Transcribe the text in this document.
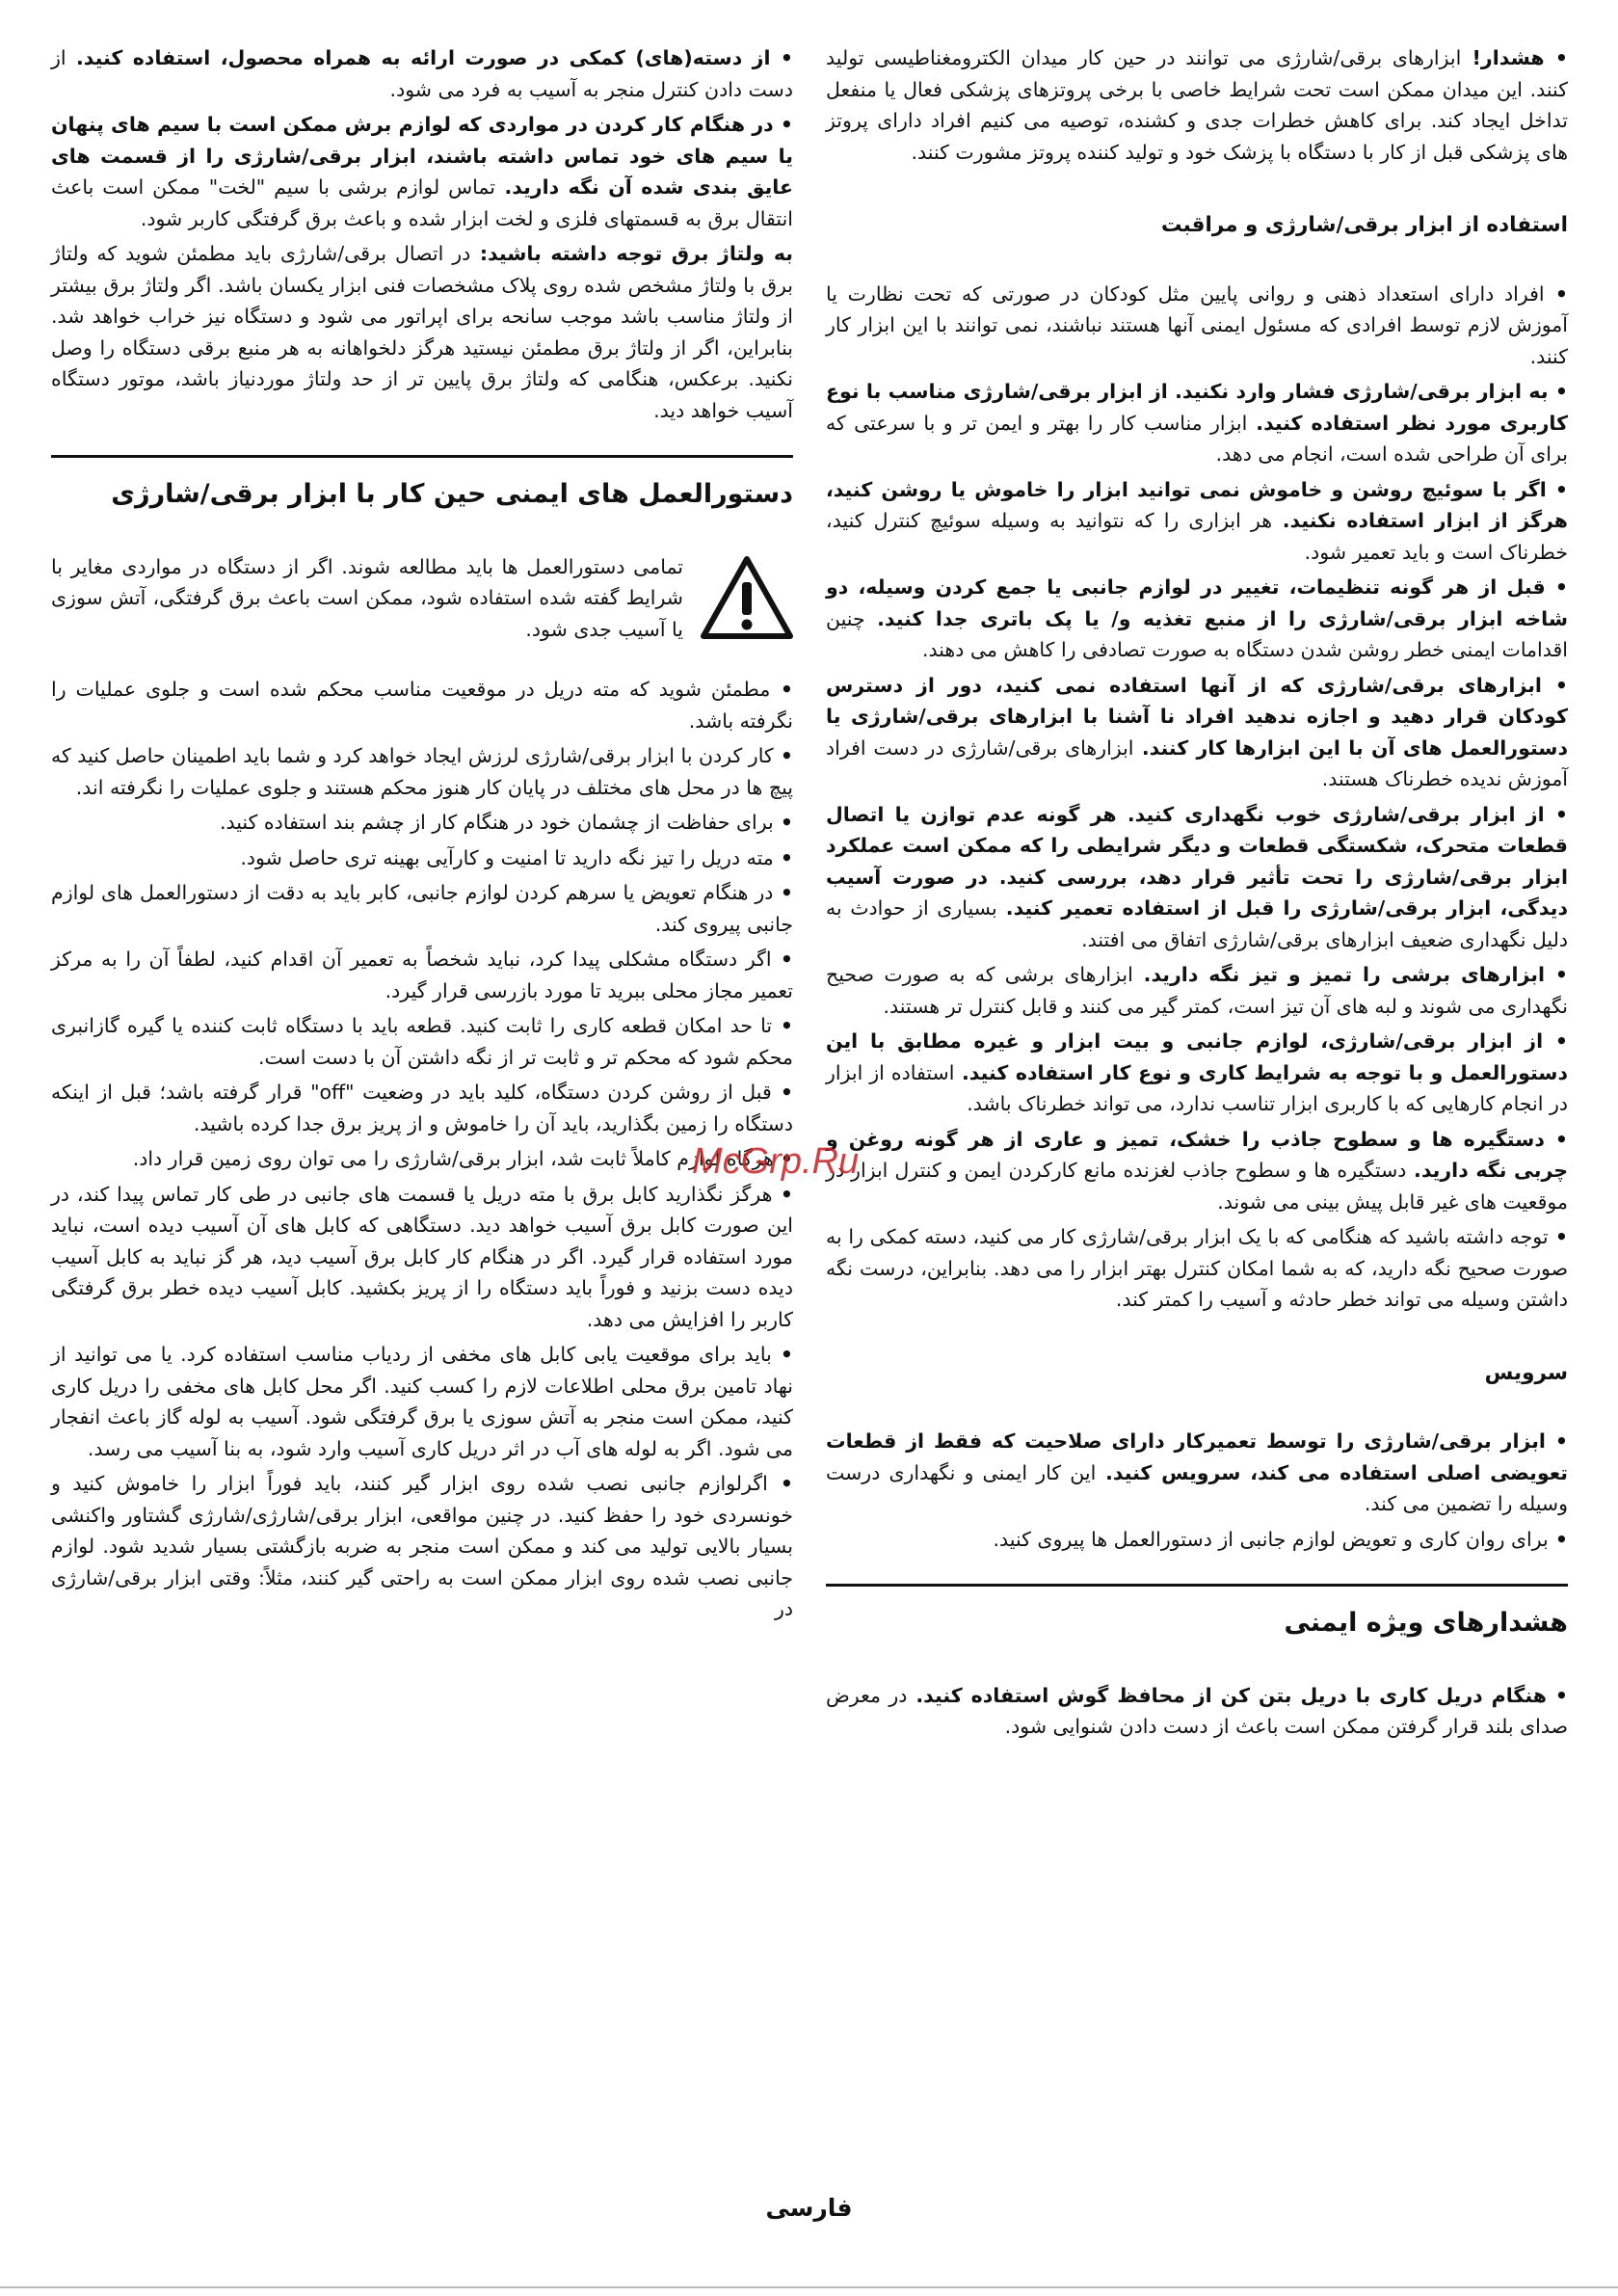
• هشدار! ابزارهای برقی/شارژی می توانند در حین کار میدان الکترومغناطیسی تولید کنند. این میدان ممکن است تحت شرایط خاصی با برخی پروتزهای پزشکی فعال یا منفعل تداخل ایجاد کند. برای کاهش خطرات جدی و کشنده، توصیه می کنیم افراد دارای پروتز های پزشکی قبل از کار با دستگاه با پزشک خود و تولید کننده پروتز مشورت کنند.

استفاده از ابزار برقی/شارژی و مراقبت

• افراد دارای استعداد ذهنی و روانی پایین مثل کودکان در صورتی که تحت نظارت یا آموزش لازم توسط افرادی که مسئول ایمنی آنها هستند نباشند، نمی توانند با این ابزار کار کنند.

• به ابزار برقی/شارژی فشار وارد نکنید. از ابزار برقی/شارژی مناسب با نوع کاربری مورد نظر استفاده کنید. ابزار مناسب کار را بهتر و ایمن تر و با سرعتی که برای آن طراحی شده است، انجام می دهد.

• اگر با سوئیچ روشن و خاموش نمی توانید ابزار را خاموش یا روشن کنید، هرگز از ابزار استفاده نکنید. هر ابزاری را که نتوانید به وسیله سوئیچ کنترل کنید، خطرناک است و باید تعمیر شود.

• قبل از هر گونه تنظیمات، تغییر در لوازم جانبی یا جمع کردن وسیله، دو شاخه ابزار برقی/شارژی را از منبع تغذیه و/ یا پک باتری جدا کنید. چنین اقدامات ایمنی خطر روشن شدن دستگاه به صورت تصادفی را کاهش می دهند.

• ابزارهای برقی/شارژی که از آنها استفاده نمی کنید، دور از دسترس کودکان قرار دهید و اجازه ندهید افراد نا آشنا با ابزارهای برقی/شارژی یا دستورالعمل های آن با این ابزارها کار کنند. ابزارهای برقی/شارژی در دست افراد آموزش ندیده خطرناک هستند.

• از ابزار برقی/شارژی خوب نگهداری کنید. هر گونه عدم توازن یا اتصال قطعات متحرک، شکستگی قطعات و دیگر شرایطی را که ممکن است عملکرد ابزار برقی/شارژی را تحت تأثیر قرار دهد، بررسی کنید. در صورت آسیب دیدگی، ابزار برقی/شارژی را قبل از استفاده تعمیر کنید. بسیاری از حوادث به دلیل نگهداری ضعیف ابزارهای برقی/شارژی اتفاق می افتند.

• ابزارهای برشی را تمیز و تیز نگه دارید. ابزارهای برشی که به صورت صحیح نگهداری می شوند و لبه های آن تیز است، کمتر گیر می کنند و قابل کنترل تر هستند.

• از ابزار برقی/شارژی، لوازم جانبی و بیت ابزار و غیره مطابق با این دستورالعمل و با توجه به شرایط کاری و نوع کار استفاده کنید. استفاده از ابزار در انجام کارهایی که با کاربری ابزار تناسب ندارد، می تواند خطرناک باشد.

• دستگیره ها و سطوح جاذب را خشک، تمیز و عاری از هر گونه روغن و چربی نگه دارید. دستگیره ها و سطوح جاذب لغزنده مانع کارکردن ایمن و کنترل ابزار در موقعیت های غیر قابل پیش بینی می شوند.

• توجه داشته باشید که هنگامی که با یک ابزار برقی/شارژی کار می کنید، دسته کمکی را به صورت صحیح نگه دارید، که به شما امکان کنترل بهتر ابزار را می دهد. بنابراین، درست نگه داشتن وسیله می تواند خطر حادثه و آسیب را کمتر کند.

سرویس

• ابزار برقی/شارژی را توسط تعمیرکار دارای صلاحیت که فقط از قطعات تعویضی اصلی استفاده می کند، سرویس کنید. این کار ایمنی و نگهداری درست وسیله را تضمین می کند.

• برای روان کاری و تعویض لوازم جانبی از دستورالعمل ها پیروی کنید.

هشدارهای ویژه ایمنی

• هنگام دریل کاری با دریل بتن کن از محافظ گوش استفاده کنید. در معرض صدای بلند قرار گرفتن ممکن است باعث از دست دادن شنوایی شود.

• از دسته(های) کمکی در صورت ارائه به همراه محصول، استفاده کنید. از دست دادن کنترل منجر به آسیب به فرد می شود.

• در هنگام کار کردن در مواردی که لوازم برش ممکن است با سیم های پنهان یا سیم های خود تماس داشته باشند، ابزار برقی/شارژی را از قسمت های عایق بندی شده آن نگه دارید. تماس لوازم برشی با سیم "لخت" ممکن است باعث انتقال برق به قسمتهای فلزی و لخت ابزار شده و باعث برق گرفتگی کاربر شود.

به ولتاژ برق توجه داشته باشید: در اتصال برقی/شارژی باید مطمئن شوید که ولتاژ برق با ولتاژ مشخص شده روی پلاک مشخصات فنی ابزار یکسان باشد. اگر ولتاژ برق بیشتر از ولتاژ مناسب باشد موجب سانحه برای اپراتور می شود و دستگاه نیز خراب خواهد شد. بنابراین، اگر از ولتاژ برق مطمئن نیستید هرگز دلخواهانه به هر منبع برقی دستگاه را وصل نکنید. برعکس، هنگامی که ولتاژ برق پایین تر از حد ولتاژ موردنیاز باشد، موتور دستگاه آسیب خواهد دید.

دستورالعمل های ایمنی حین کار با ابزار برقی/شارژی
تمامی دستورالعمل ها باید مطالعه شوند. اگر از دستگاه در مواردی مغایر با شرایط گفته شده استفاده شود، ممکن است باعث برق گرفتگی، آتش سوزی یا آسیب جدی شود.

• مطمئن شوید که مته دریل در موقعیت مناسب محکم شده است و جلوی عملیات را نگرفته باشد.

• کار کردن با ابزار برقی/شارژی لرزش ایجاد خواهد کرد و شما باید اطمینان حاصل کنید که پیچ ها در محل های مختلف در پایان کار هنوز محکم هستند و جلوی عملیات را نگرفته اند.

• برای حفاظت از چشمان خود در هنگام کار از چشم بند استفاده کنید.

• مته دریل را تیز نگه دارید تا امنیت و کارآیی بهینه تری حاصل شود.

• در هنگام تعویض یا سرهم کردن لوازم جانبی، کابر باید به دقت از دستورالعمل های لوازم جانبی پیروی کند.

• اگر دستگاه مشکلی پیدا کرد، نباید شخصاً به تعمیر آن اقدام کنید، لطفاً آن را به مرکز تعمیر مجاز محلی ببرید تا مورد بازرسی قرار گیرد.

• تا حد امکان قطعه کاری را ثابت کنید. قطعه باید با دستگاه ثابت کننده یا گیره گازانبری محکم شود که محکم تر و ثابت تر از نگه داشتن آن با دست است.

• قبل از روشن کردن دستگاه، کلید باید در وضعیت "off" قرار گرفته باشد؛ قبل از اینکه دستگاه را زمین بگذارید، باید آن را خاموش و از پریز برق جدا کرده باشید.

• هرگاه لوازم کاملاً ثابت شد، ابزار برقی/شارژی را می توان روی زمین قرار داد.

• هرگز نگذارید کابل برق با مته دریل یا قسمت های جانبی در طی کار تماس پیدا کند، در این صورت کابل برق آسیب خواهد دید. دستگاهی که کابل های آن آسیب دیده است، نباید مورد استفاده قرار گیرد. اگر در هنگام کار کابل برق آسیب دید، هر گز نباید به کابل آسیب دیده دست بزنید و فوراً باید دستگاه را از پریز بکشید. کابل آسیب دیده خطر برق گرفتگی کاربر را افزایش می دهد.

• باید برای موقعیت یابی کابل های مخفی از ردیاب مناسب استفاده کرد. یا می توانید از نهاد تامین برق محلی اطلاعات لازم را کسب کنید. اگر محل کابل های مخفی را دریل کاری کنید، ممکن است منجر به آتش سوزی یا برق گرفتگی شود. آسیب به لوله گاز باعث انفجار می شود. اگر به لوله های آب در اثر دریل کاری آسیب وارد شود، به بنا آسیب می رسد.

• اگرلوازم جانبی نصب شده روی ابزار گیر کنند، باید فوراً ابزار را خاموش کنید و خونسردی خود را حفظ کنید. در چنین مواقعی، ابزار برقی/شارژی/شارژی گشتاور واکنشی بسیار بالایی تولید می کند و ممکن است منجر به ضربه بازگشتی بسیار شدید شود. لوازم جانبی نصب شده روی ابزار ممکن است به راحتی گیر کنند، مثلاً: وقتی ابزار برقی/شارژی در

McGrp.Ru
فارسی
